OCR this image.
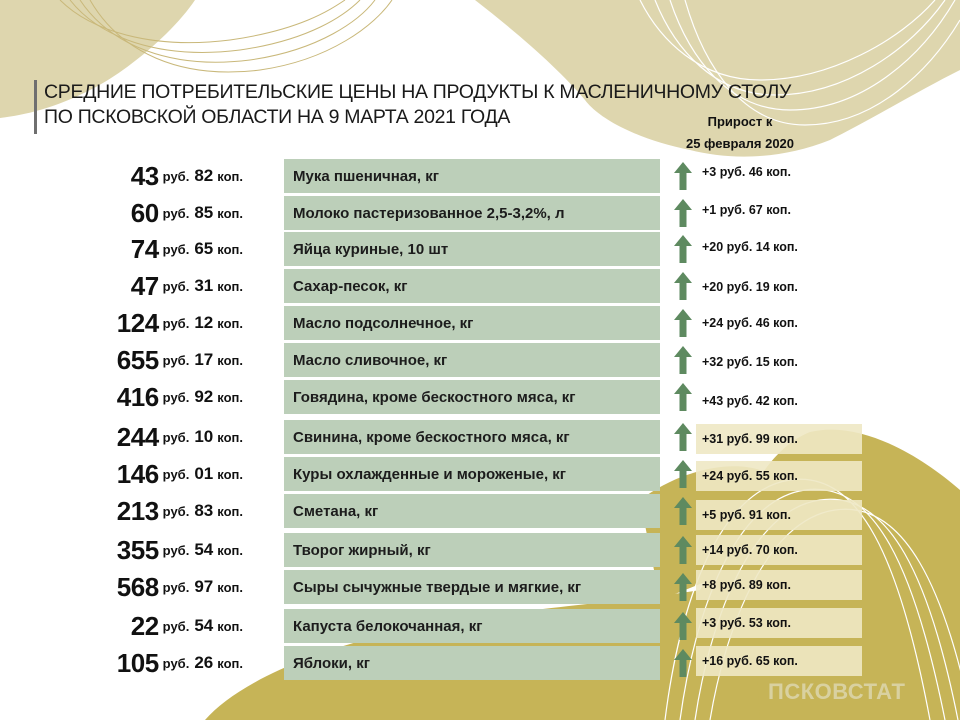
СРЕДНИЕ ПОТРЕБИТЕЛЬСКИЕ ЦЕНЫ НА ПРОДУКТЫ К МАСЛЕНИЧНОМУ СТОЛУ
ПО ПСКОВСКОЙ ОБЛАСТИ НА 9 МАРТА 2021 ГОДА	Прирост к
25 февраля 2020
43 руб. 82 коп.	Мука пшеничная, кг	+3 руб. 46 коп.
60 руб. 85 коп.	Молоко пастеризованное 2,5-3,2%, л	+1 руб. 67 коп.
74 руб. 65 коп.	Яйца куриные, 10 шт	+20 руб. 14 коп.
47 руб. 31 коп.	Сахар-песок, кг	+20 руб. 19 коп.
124 руб. 12 коп.	Масло подсолнечное, кг	+24 руб. 46 коп.
655 руб. 17 коп.	Масло сливочное, кг	+32 руб. 15 коп.
416 руб. 92 коп.	Говядина, кроме бескостного мяса, кг	+43 руб. 42 коп.
244 руб. 10 коп.	Свинина, кроме бескостного мяса, кг	+31 руб. 99 коп.
146 руб. 01 коп.	Куры охлажденные и мороженые, кг	+24 руб. 55 коп.
213 руб. 83 коп.	Сметана, кг	+5 руб. 91 коп.
355 руб. 54 коп.	Творог жирный, кг	+14 руб. 70 коп.
568 руб. 97 коп.	Сыры сычужные твердые и мягкие, кг	+8 руб. 89 коп.
22 руб. 54 коп.	Капуста белокочанная, кг	+3 руб. 53 коп.
105 руб. 26 коп.	Яблоки, кг	+16 руб. 65 коп.
ПСКОВСТАТ
